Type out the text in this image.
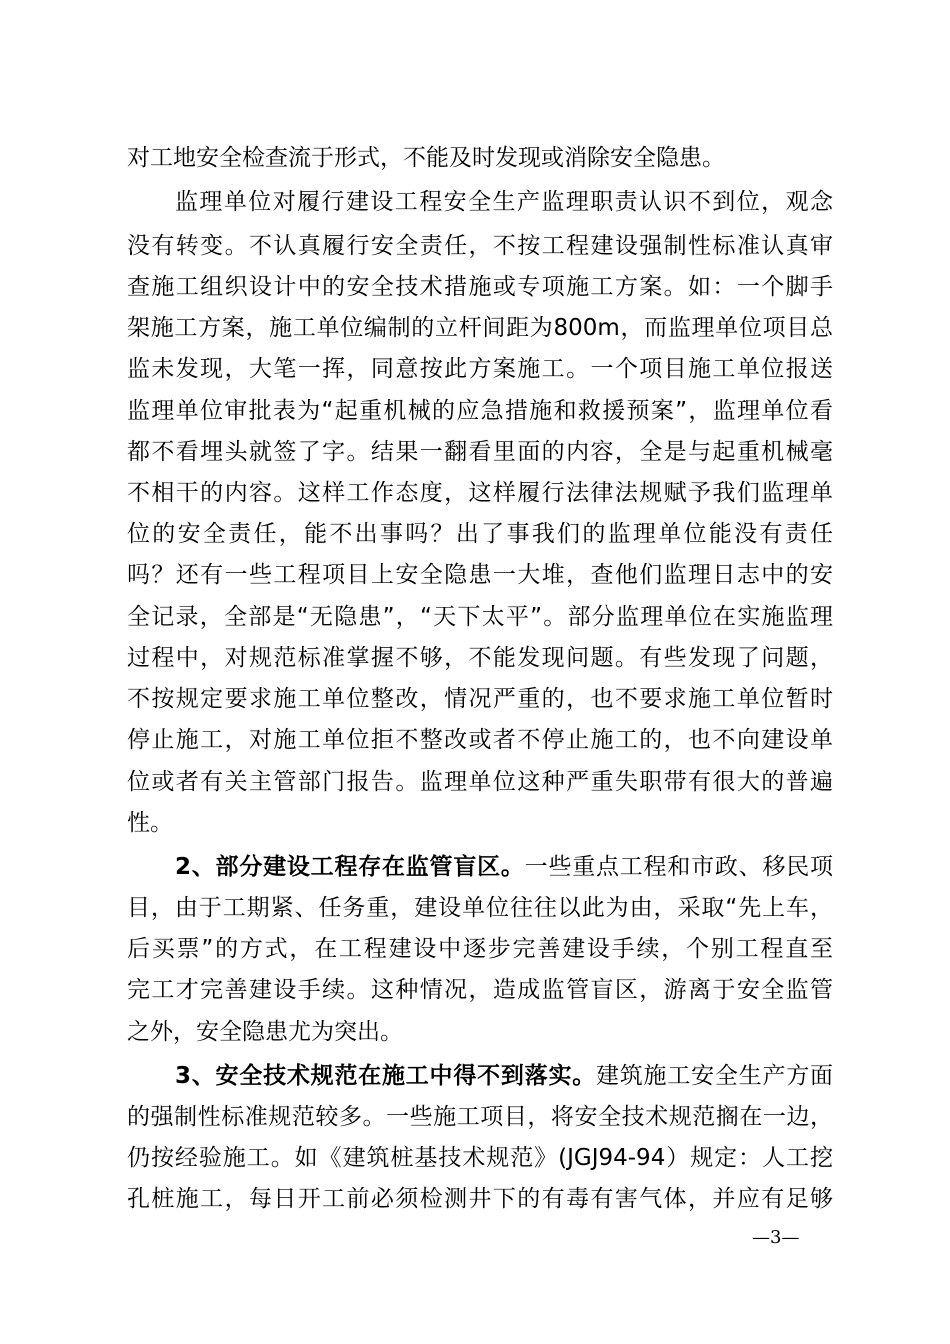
对工地安全检查流于形式，不能及时发现或消除安全隐患。
监理单位对履行建设工程安全生产监理职责认识不到位，观念
没有转变。不认真履行安全责任，不按工程建设强制性标准认真审
查施工组织设计中的安全技术措施或专项施工方案。如：一个脚手
架施工方案，施工单位编制的立杆间距为800m，而监理单位项目总
监未发现，大笔一挥，同意按此方案施工。一个项目施工单位报送
监理单位审批表为“起重机械的应急措施和救援预案”，监理单位看
都不看埋头就签了字。结果一翻看里面的内容，全是与起重机械毫
不相干的内容。这样工作态度，这样履行法律法规赋予我们监理单
位的安全责任，能不出事吗？出了事我们的监理单位能没有责任
吗？还有一些工程项目上安全隐患一大堆，查他们监理日志中的安
全记录，全部是“无隐患”，“天下太平”。部分监理单位在实施监理
过程中，对规范标准掌握不够，不能发现问题。有些发现了问题，
不按规定要求施工单位整改，情况严重的，也不要求施工单位暂时
停止施工，对施工单位拒不整改或者不停止施工的，也不向建设单
位或者有关主管部门报告。监理单位这种严重失职带有很大的普遍
性。
2、部分建设工程存在监管盲区。一些重点工程和市政、移民项
目，由于工期紧、任务重，建设单位往往以此为由，采取“先上车，
后买票”的方式，在工程建设中逐步完善建设手续，个别工程直至
完工才完善建设手续。这种情况，造成监管盲区，游离于安全监管
之外，安全隐患尤为突出。
3、安全技术规范在施工中得不到落实。建筑施工安全生产方面
的强制性标准规范较多。一些施工项目，将安全技术规范搁在一边，
仍按经验施工。如《建筑桩基技术规范》(JGJ94-94）规定：人工挖
孔桩施工，每日开工前必须检测井下的有毒有害气体，并应有足够
—3—
